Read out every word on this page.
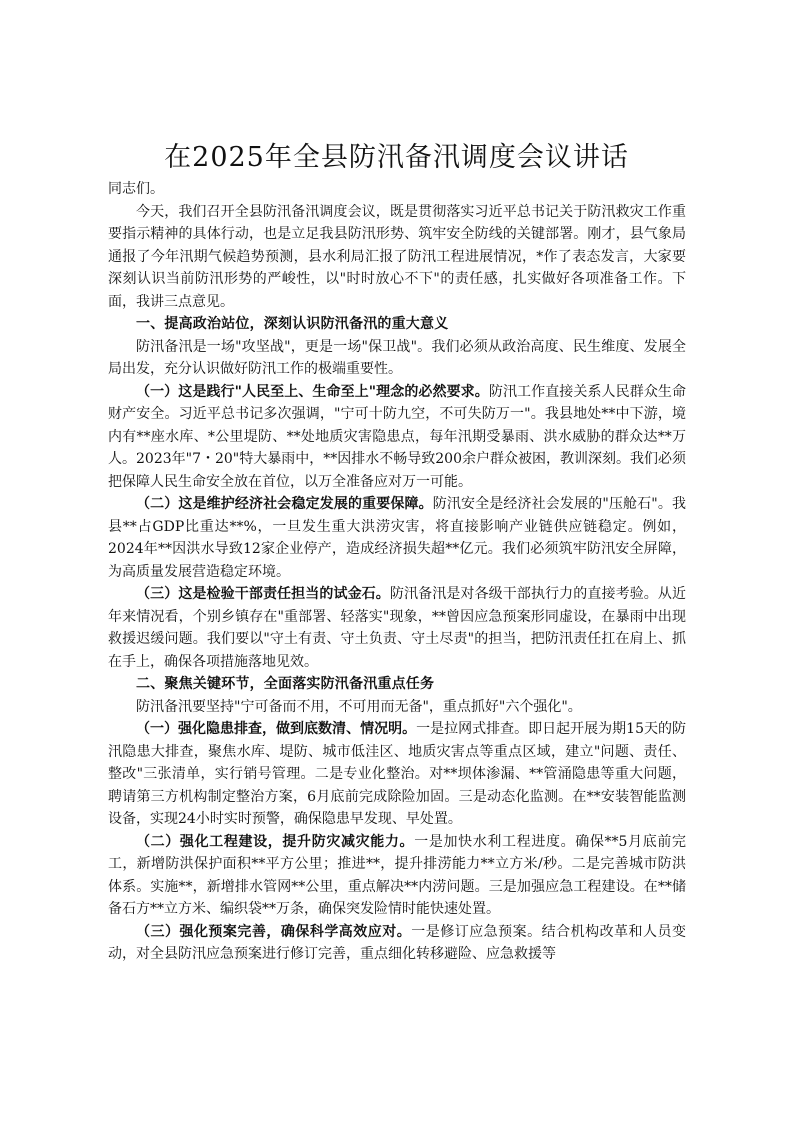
在2025年全县防汛备汛调度会议讲话

同志们。

今天，我们召开全县防汛备汛调度会议，既是贯彻落实习近平总书记关于防汛救灾工作重要指示精神的具体行动，也是立足我县防汛形势、筑牢安全防线的关键部署。刚才，县气象局通报了今年汛期气候趋势预测，县水利局汇报了防汛工程进展情况，*作了表态发言，大家要深刻认识当前防汛形势的严峻性，以"时时放心不下"的责任感，扎实做好各项准备工作。下面，我讲三点意见。

一、提高政治站位，深刻认识防汛备汛的重大意义

防汛备汛是一场"攻坚战"，更是一场"保卫战"。我们必须从政治高度、民生维度、发展全局出发，充分认识做好防汛工作的极端重要性。

（一）这是践行"人民至上、生命至上"理念的必然要求。防汛工作直接关系人民群众生命财产安全。习近平总书记多次强调，"宁可十防九空，不可失防万一"。我县地处**中下游，境内有**座水库、*公里堤防、**处地质灾害隐患点，每年汛期受暴雨、洪水威胁的群众达**万人。2023年"7・20"特大暴雨中，**因排水不畅导致200余户群众被困，教训深刻。我们必须把保障人民生命安全放在首位，以万全准备应对万一可能。

（二）这是维护经济社会稳定发展的重要保障。防汛安全是经济社会发展的"压舱石"。我县**占GDP比重达**%，一旦发生重大洪涝灾害，将直接影响产业链供应链稳定。例如，2024年**因洪水导致12家企业停产，造成经济损失超**亿元。我们必须筑牢防汛安全屏障，为高质量发展营造稳定环境。

（三）这是检验干部责任担当的试金石。防汛备汛是对各级干部执行力的直接考验。从近年来情况看，个别乡镇存在"重部署、轻落实"现象，**曾因应急预案形同虚设，在暴雨中出现救援迟缓问题。我们要以"守土有责、守土负责、守土尽责"的担当，把防汛责任扛在肩上、抓在手上，确保各项措施落地见效。

二、聚焦关键环节，全面落实防汛备汛重点任务

防汛备汛要坚持"宁可备而不用，不可用而无备"，重点抓好"六个强化"。

（一）强化隐患排查，做到底数清、情况明。一是拉网式排查。即日起开展为期15天的防汛隐患大排查，聚焦水库、堤防、城市低洼区、地质灾害点等重点区域，建立"问题、责任、整改"三张清单，实行销号管理。二是专业化整治。对**坝体渗漏、**管涌隐患等重大问题，聘请第三方机构制定整治方案，6月底前完成除险加固。三是动态化监测。在**安装智能监测设备，实现24小时实时预警，确保隐患早发现、早处置。

（二）强化工程建设，提升防灾减灾能力。一是加快水利工程进度。确保**5月底前完工，新增防洪保护面积**平方公里；推进**，提升排涝能力**立方米/秒。二是完善城市防洪体系。实施**，新增排水管网**公里，重点解决**内涝问题。三是加强应急工程建设。在**储备石方**立方米、编织袋**万条，确保突发险情时能快速处置。

（三）强化预案完善，确保科学高效应对。一是修订应急预案。结合机构改革和人员变动，对全县防汛应急预案进行修订完善，重点细化转移避险、应急救援等
